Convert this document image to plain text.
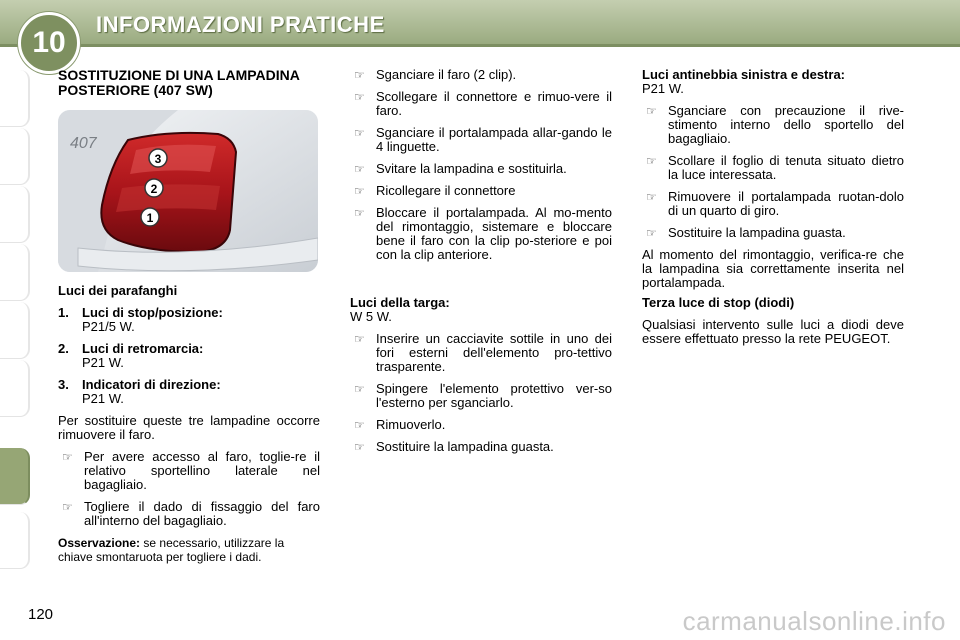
10
INFORMAZIONI PRATICHE
SOSTITUZIONE DI UNA LAMPADINA
POSTERIORE (407 SW)
407
3
2
1

Luci dei parafanghi

1. Luci di stop/posizione:
P21/5 W.
2. Luci di retromarcia:
P21 W.
3. Indicatori di direzione:
P21 W.

Per sostituire queste tre lampadine occorre rimuovere il faro.

☞ Per avere accesso al faro, toglie-re il relativo sportellino laterale nel bagagliaio.
☞ Togliere il dado di fissaggio del faro all'interno del bagagliaio.

Osservazione: se necessario, utilizzare la chiave smontaruota per togliere i dadi.

☞ Sganciare il faro (2 clip).
☞ Scollegare il connettore e rimuo-vere il faro.
☞ Sganciare il portalampada allar-gando le 4 linguette.
☞ Svitare la lampadina e sostituirla.
☞ Ricollegare il connettore
☞ Bloccare il portalampada. Al mo-mento del rimontaggio, sistemare e bloccare bene il faro con la clip po-steriore e poi con la clip anteriore.
Luci della targa:

W 5 W.

☞ Inserire un cacciavite sottile in uno dei fori esterni dell'elemento pro-tettivo trasparente.
☞ Spingere l'elemento protettivo ver-so l'esterno per sganciarlo.
☞ Rimuoverlo.
☞ Sostituire la lampadina guasta.
Luci antinebbia sinistra e destra:

P21 W.

☞ Sganciare con precauzione il rive-stimento interno dello sportello del bagagliaio.
☞ Scollare il foglio di tenuta situato dietro la luce interessata.
☞ Rimuovere il portalampada ruotan-dolo di un quarto di giro.
☞ Sostituire la lampadina guasta.

Al momento del rimontaggio, verifica-re che la lampadina sia correttamente inserita nel portalampada.

Terza luce di stop (diodi)

Qualsiasi intervento sulle luci a diodi deve essere effettuato presso la rete PEUGEOT.

120	carmanualsonline.info
